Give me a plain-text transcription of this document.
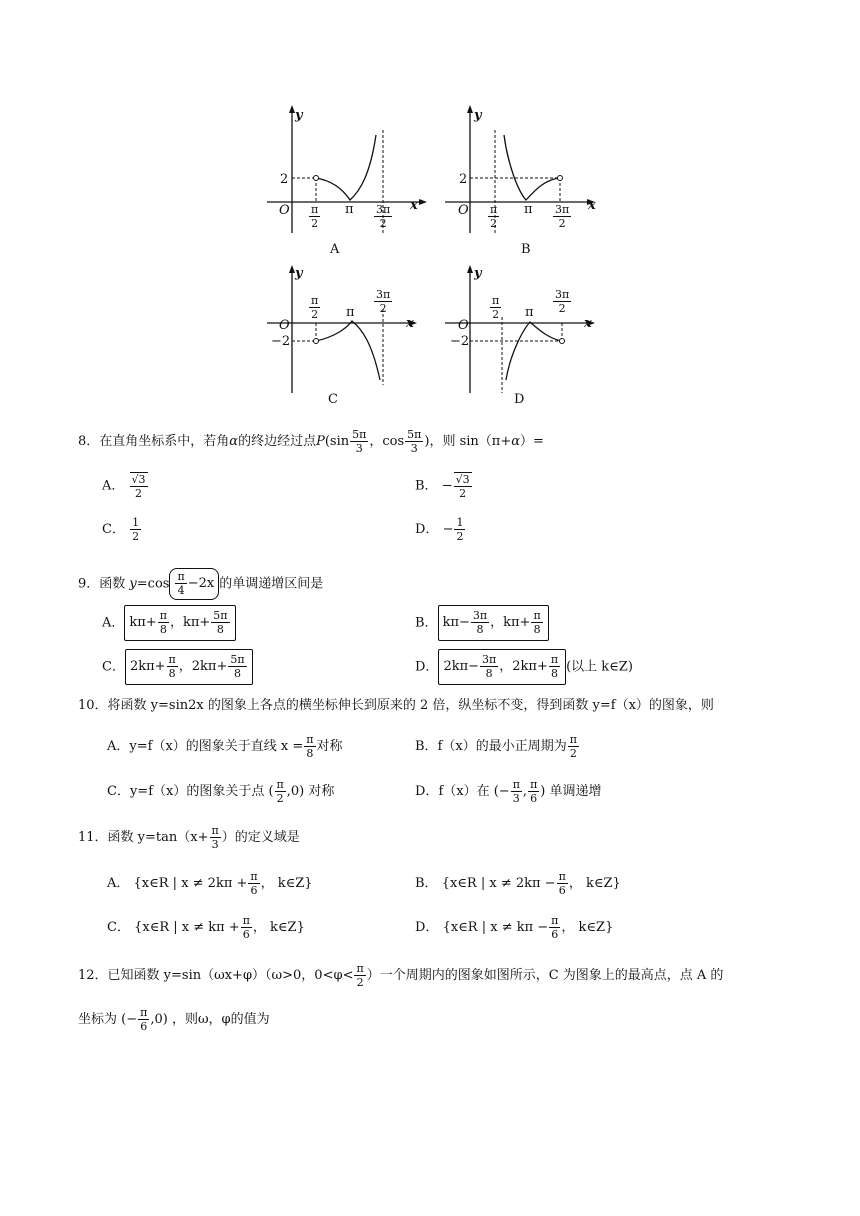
y
x
O
2
$\frac{\pi}{2}$ π $\frac{3\pi}{2}$
A
y
x
O
2
$\frac{\pi}{2}$ π $\frac{3\pi}{2}$
B
y
x
O
−2
$\frac{\pi}{2}$ π $\frac{3\pi}{2}$
C
y
x
O
−2
$\frac{\pi}{2}$ π $\frac{3\pi}{2}$
D
8．在直角坐标系中，若角α的终边经过点$P(\sin \frac{5\pi}{3}$ ，$\cos \frac{5\pi}{3}$ )，则 sin（π+α）=
A． $\frac{√3}{2}$	B． − $\frac{√3}{2}$
C． $\frac{1}{2}$	D． − $\frac{1}{2}$
9．函数 $y=\cos \frac{\pi}{4} -2x$ 的单调递增区间是
A． $k\pi+ \frac{\pi}{8}$ ，$k\pi+ \frac{5\pi}{8}$	B． $k\pi- \frac{3\pi}{8}$ ，$k\pi+ \frac{\pi}{8}$
C． $2k\pi+ \frac{\pi}{8}$ ，$2k\pi+ \frac{5\pi}{8}$	D． $2k\pi- \frac{3\pi}{8}$ ，$2k\pi+ \frac{\pi}{8}$ (以上 k∈Z)
10．将函数 y=sin2x 的图象上各点的横坐标伸长到原来的 2 倍，纵坐标不变，得到函数 y=f（x）的图象，则
A．y=f（x）的图象关于直线 $x = \frac{\pi}{8}$ 对称	B．f（x）的最小正周期为 $\frac{\pi}{2}$
C．y=f（x）的图象关于点 ( $\frac{\pi}{2} ,0$) 对称	D．f（x）在 (− $\frac{\pi}{3}$ , $\frac{\pi}{6}$ ) 单调递增
11．函数 $y=\tan(x+ \frac{\pi}{3}$ ）的定义域是
A． {x∈R | $x \ne 2k\pi + \frac{\pi}{6}$ ， k∈Z}	B． {x∈R | $x \ne 2k\pi - \frac{\pi}{6}$ ， k∈Z}
C． {x∈R | $x \ne k\pi + \frac{\pi}{6}$ ， k∈Z}	D． {x∈R | $x \ne k\pi - \frac{\pi}{6}$ ， k∈Z}
12．已知函数 y=sin（ωx+φ）（ω>0，$0<\varphi< \frac{\pi}{2}$ ）一个周期内的图象如图所示，C 为图象上的最高点，点 A 的
坐标为 (− $\frac{\pi}{6} ,0$) ，则ω，φ的值为
